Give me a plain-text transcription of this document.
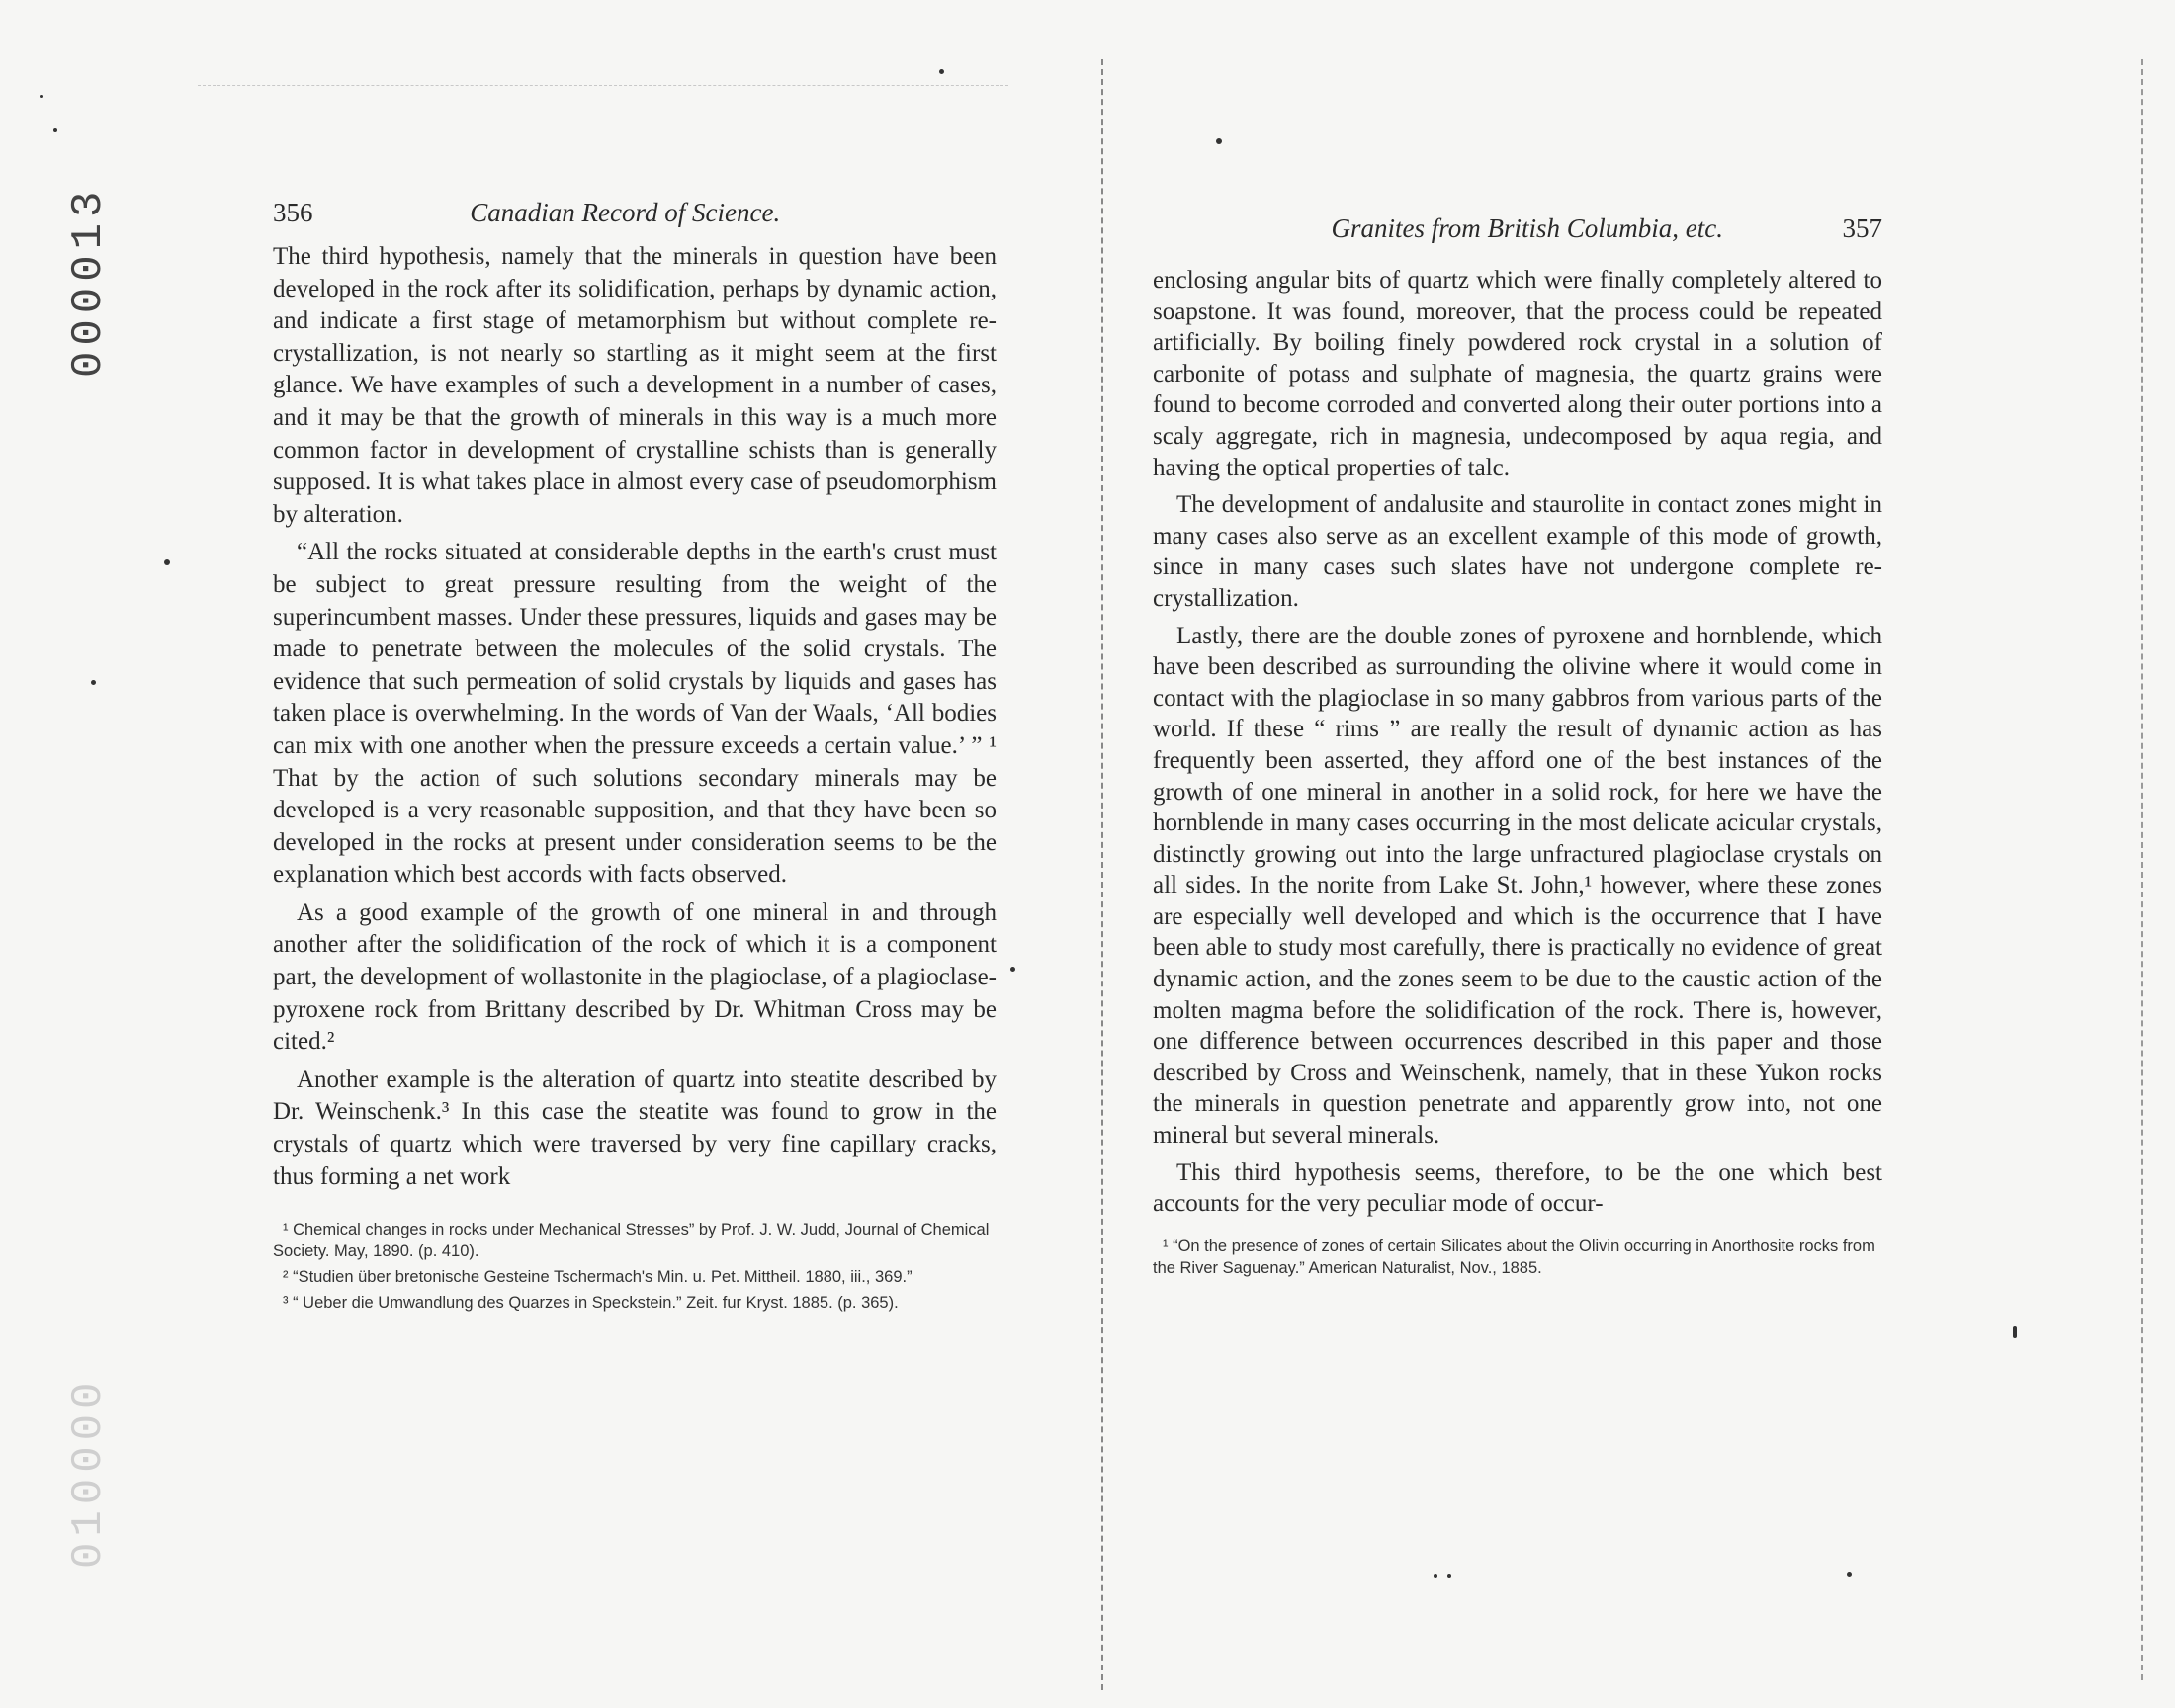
000013
010000
356	Canadian Record of Science.

The third hypothesis, namely that the minerals in question have been developed in the rock after its solidification, perhaps by dynamic action, and indicate a first stage of metamorphism but without complete re-crystallization, is not nearly so startling as it might seem at the first glance. We have examples of such a development in a number of cases, and it may be that the growth of minerals in this way is a much more common factor in development of crystalline schists than is generally supposed. It is what takes place in almost every case of pseudomorphism by alteration.

“All the rocks situated at considerable depths in the earth's crust must be subject to great pressure resulting from the weight of the superincumbent masses. Under these pressures, liquids and gases may be made to penetrate between the molecules of the solid crystals. The evidence that such permeation of solid crystals by liquids and gases has taken place is overwhelming. In the words of Van der Waals, ‘All bodies can mix with one another when the pressure exceeds a certain value.’ ” ¹ That by the action of such solutions secondary minerals may be developed is a very reasonable supposition, and that they have been so developed in the rocks at present under consideration seems to be the explanation which best accords with facts observed.

As a good example of the growth of one mineral in and through another after the solidification of the rock of which it is a component part, the development of wollastonite in the plagioclase, of a plagioclase-pyroxene rock from Brittany described by Dr. Whitman Cross may be cited.²

Another example is the alteration of quartz into steatite described by Dr. Weinschenk.³ In this case the steatite was found to grow in the crystals of quartz which were traversed by very fine capillary cracks, thus forming a net work

¹ Chemical changes in rocks under Mechanical Stresses” by Prof. J. W. Judd, Journal of Chemical Society. May, 1890. (p. 410).

² “Studien über bretonische Gesteine Tschermach's Min. u. Pet. Mittheil. 1880, iii., 369.”

³ “ Ueber die Umwandlung des Quarzes in Speckstein.” Zeit. fur Kryst. 1885. (p. 365).

Granites from British Columbia, etc.	357

enclosing angular bits of quartz which were finally completely altered to soapstone. It was found, moreover, that the process could be repeated artificially. By boiling finely powdered rock crystal in a solution of carbonite of potass and sulphate of magnesia, the quartz grains were found to become corroded and converted along their outer portions into a scaly aggregate, rich in magnesia, undecomposed by aqua regia, and having the optical properties of talc.

The development of andalusite and staurolite in contact zones might in many cases also serve as an excellent example of this mode of growth, since in many cases such slates have not undergone complete re-crystallization.

Lastly, there are the double zones of pyroxene and hornblende, which have been described as surrounding the olivine where it would come in contact with the plagioclase in so many gabbros from various parts of the world. If these “ rims ” are really the result of dynamic action as has frequently been asserted, they afford one of the best instances of the growth of one mineral in another in a solid rock, for here we have the hornblende in many cases occurring in the most delicate acicular crystals, distinctly growing out into the large unfractured plagioclase crystals on all sides. In the norite from Lake St. John,¹ however, where these zones are especially well developed and which is the occurrence that I have been able to study most carefully, there is practically no evidence of great dynamic action, and the zones seem to be due to the caustic action of the molten magma before the solidification of the rock. There is, however, one difference between occurrences described in this paper and those described by Cross and Weinschenk, namely, that in these Yukon rocks the minerals in question penetrate and apparently grow into, not one mineral but several minerals.

This third hypothesis seems, therefore, to be the one which best accounts for the very peculiar mode of occur-

¹ “On the presence of zones of certain Silicates about the Olivin occurring in Anorthosite rocks from the River Saguenay.” American Naturalist, Nov., 1885.
